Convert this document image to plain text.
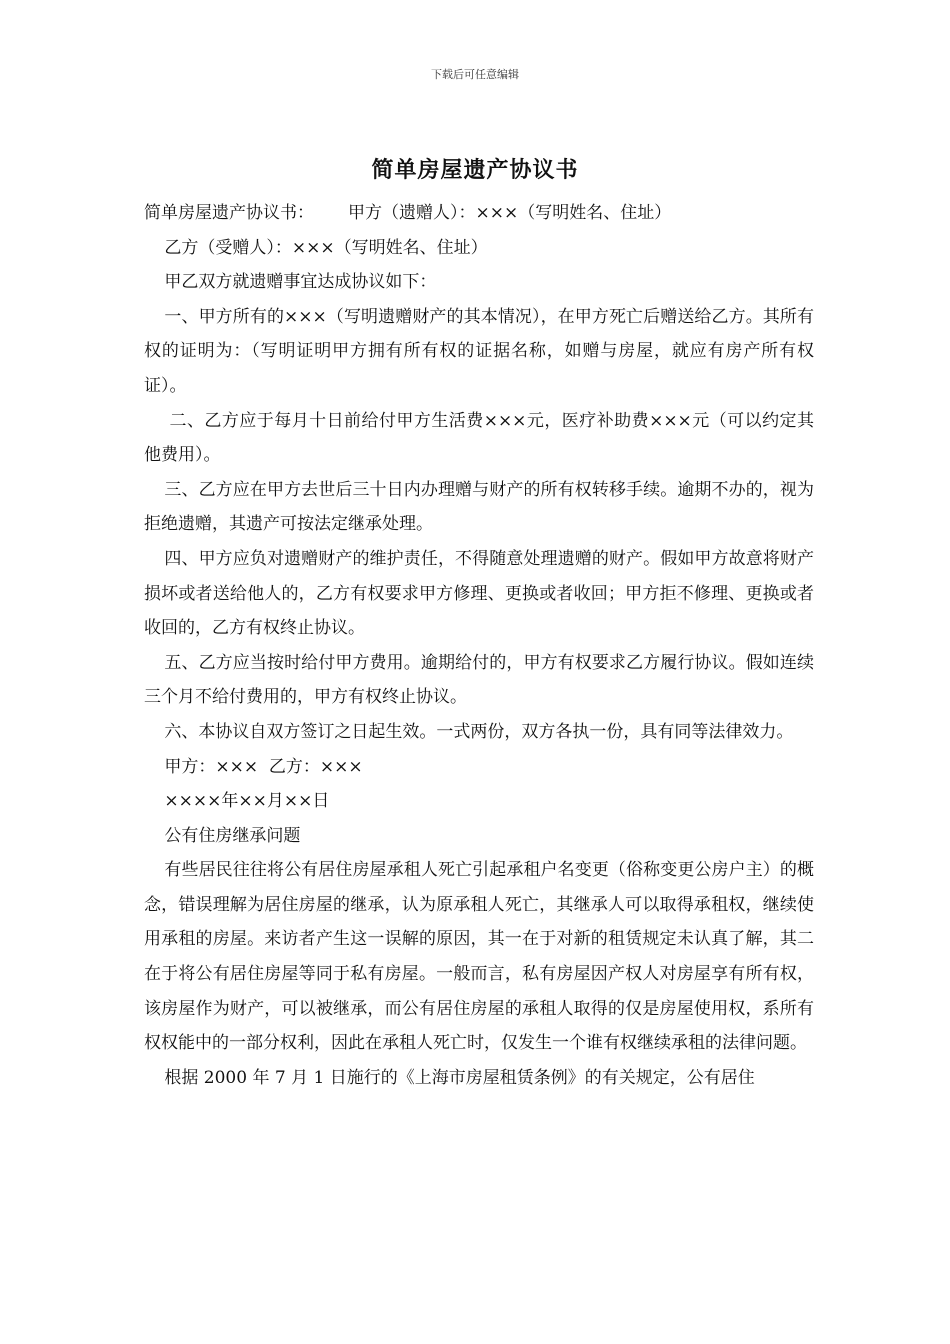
下载后可任意编辑
简单房屋遗产协议书

简单房屋遗产协议书： 甲方（遗赠人）：×××（写明姓名、住址）

乙方（受赠人）：×××（写明姓名、住址）

甲乙双方就遗赠事宜达成协议如下：

一、甲方所有的×××（写明遗赠财产的其本情况），在甲方死亡后赠送给乙方。其所有权的证明为：（写明证明甲方拥有所有权的证据名称，如赠与房屋，就应有房产所有权证）。

二、乙方应于每月十日前给付甲方生活费×××元，医疗补助费×××元（可以约定其他费用）。

三、乙方应在甲方去世后三十日内办理赠与财产的所有权转移手续。逾期不办的，视为拒绝遗赠，其遗产可按法定继承处理。

四、甲方应负对遗赠财产的维护责任，不得随意处理遗赠的财产。假如甲方故意将财产损坏或者送给他人的，乙方有权要求甲方修理、更换或者收回；甲方拒不修理、更换或者收回的，乙方有权终止协议。

五、乙方应当按时给付甲方费用。逾期给付的，甲方有权要求乙方履行协议。假如连续三个月不给付费用的，甲方有权终止协议。

六、本协议自双方签订之日起生效。一式两份，双方各执一份，具有同等法律效力。

甲方：×××  乙方：×××

××××年××月××日

公有住房继承问题

有些居民往往将公有居住房屋承租人死亡引起承租户名变更（俗称变更公房户主）的概念，错误理解为居住房屋的继承，认为原承租人死亡，其继承人可以取得承租权，继续使用承租的房屋。来访者产生这一误解的原因，其一在于对新的租赁规定未认真了解，其二在于将公有居住房屋等同于私有房屋。一般而言，私有房屋因产权人对房屋享有所有权，该房屋作为财产，可以被继承，而公有居住房屋的承租人取得的仅是房屋使用权，系所有权权能中的一部分权利，因此在承租人死亡时，仅发生一个谁有权继续承租的法律问题。

根据 2000 年 7 月 1 日施行的《上海市房屋租赁条例》的有关规定，公有居住
